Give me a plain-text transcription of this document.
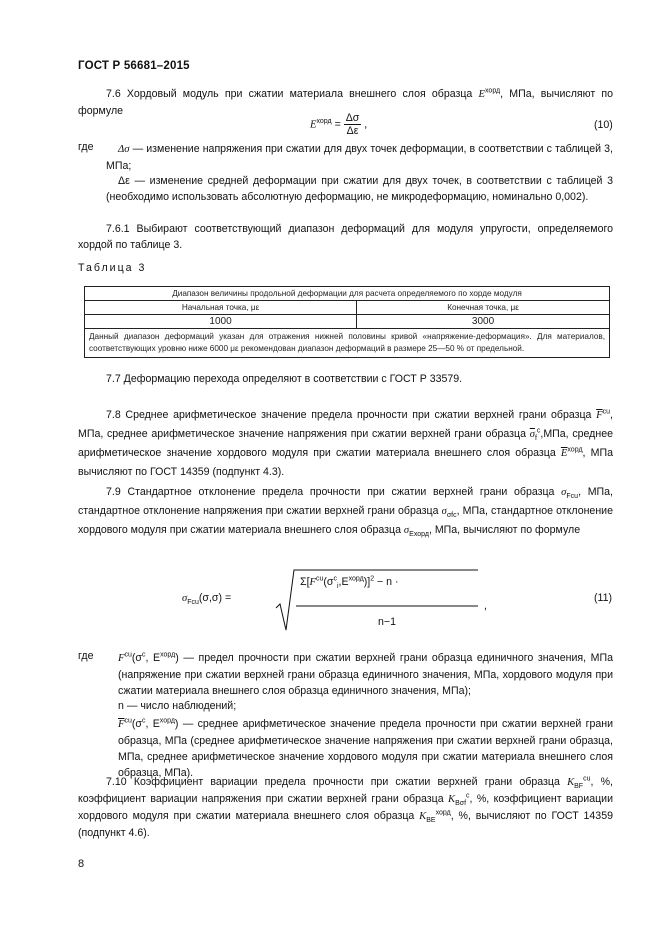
ГОСТ Р 56681–2015
7.6 Хордовый модуль при сжатии материала внешнего слоя образца $E^{хорд}$, МПа, вычисляют по формуле
$E^{хорд} = \frac{\Delta\sigma}{\Delta\varepsilon}$ ,	(10)
где	Δσ — изменение напряжения при сжатии для двух точек деформации, в соответствии с таблицей 3, МПа;
Δε — изменение средней деформации при сжатии для двух точек, в соответствии с таблицей 3 (необходимо использовать абсолютную деформацию, не микродеформацию, номинально 0,002).
7.6.1 Выбирают соответствующий диапазон деформаций для модуля упругости, определяемого хордой по таблице 3.
Таблица 3
Диапазон величины продольной деформации для расчета определяемого по хорде модуля	
Начальная точка, με	Конечная точка, με
1000	3000
Данный диапазон деформаций указан для отражения нижней половины кривой «напряжение-деформация». Для материалов, соответствующих уровню ниже 6000 με рекомендован диапазон деформаций в размере 25—50 % от предельной.	
7.7 Деформацию перехода определяют в соответствии с ГОСТ Р 33579.
7.8 Среднее арифметическое значение предела прочности при сжатии верхней грани образца $\overline{F}^{cu}$, МПа, среднее арифметическое значение напряжения при сжатии верхней грани образца $\overline{\sigma}_f^c,МПа$, среднее арифметическое значение хордового модуля при сжатии материала внешнего слоя образца $\overline{E}^{хорд}$, МПа вычисляют по ГОСТ 14359 (подпункт 4.3).
7.9 Стандартное отклонение предела прочности при сжатии верхней грани образца $\sigma_{Fcu}$, МПа, стандартное отклонение напряжения при сжатии верхней грани образца $\sigma_{\sigma fc}$, МПа, стандартное отклонение хордового модуля при сжатии материала внешнего слоя образца $\sigma_{Eхорд}$, МПа, вычисляют по формуле
$\sigma_{Fcu}(\sigma,\sigma)$ =
$\Sigma[F^{cu}(\sigma^c_i,E^{хорд})]^2 - n$ ·
n−1
,
(11)
где $F^{cu}(\sigma^c$, $E^{хорд}$) — предел прочности при сжатии верхней грани образца единичного значения, МПа (напряжение при сжатии верхней грани образца единичного значения, МПа, хордового модуля при сжатии материала внешнего слоя образца единичного значения, МПа);
n — число наблюдений;
$\overline{F}^{cu}(\sigma^c$, $E^{хорд}$) — среднее арифметическое значение предела прочности при сжатии верхней грани образца, МПа (среднее арифметическое значение напряжения при сжатии верхней грани образца, МПа, среднее арифметическое значение хордового модуля при сжатии материала внешнего слоя образца, МПа).
7.10 Коэффициент вариации предела прочности при сжатии верхней грани образца $K_{BF}^{cu}$, %, коэффициент вариации напряжения при сжатии верхней грани образца $K_{B\sigma f}^c$, %, коэффициент вариации хордового модуля при сжатии материала внешнего слоя образца $K_{BE}^{хорд}$, %, вычисляют по ГОСТ 14359 (подпункт 4.6).
8
